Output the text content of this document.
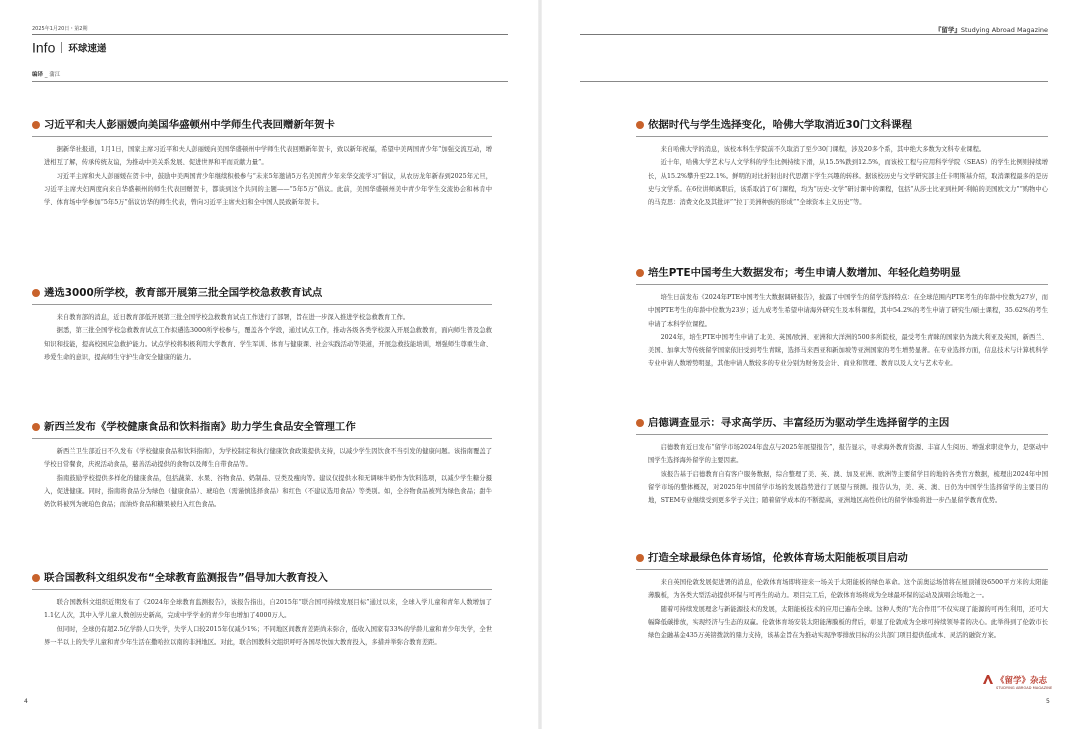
2025年1月20日・第2期
Info 环球速递
编译 _ 蒲江
习近平和夫人彭丽媛向美国华盛顿州中学师生代表回赠新年贺卡

据新华社报道，1月1日，国家主席习近平和夫人彭丽媛向美国华盛顿州中学师生代表回赠新年贺卡，致以新年祝福，希望中美两国青少年“加强交流互动，增进相互了解，传承传统友谊，为推动中美关系发展、促进世界和平而贡献力量”。

习近平主席和夫人彭丽媛在贺卡中，鼓励中美两国青少年继续积极参与“未来5年邀请5万名美国青少年来华交流学习”倡议，从农历龙年新春到2025年元旦，习近平主席夫妇两度向来自华盛顿州的师生代表回赠贺卡，都谈到这个共同的主题——“5年5万”倡议。此前，美国华盛顿州美中青少年学生交流协会和林肯中学、体育场中学参加“5年5万”倡议访华的师生代表，曾向习近平主席夫妇和全中国人民致新年贺卡。

遴选3000所学校，教育部开展第三批全国学校急救教育试点

来自教育部的消息，近日教育部低开展第三批全国学校急救教育试点工作进行了部署，旨在进一步深入推进学校急救教育工作。

据悉，第三批全国学校急救教育试点工作拟遴选3000所学校参与，覆盖各个学段，通过试点工作，推动各级各类学校深入开展急救教育，面向师生普及急救知识和技能，提高校园应急救护能力。试点学校将积极利用大学教育、学生军训、体育与健康课、社会实践活动等渠道，开展急救技能培训，增强师生尊重生命、珍爱生命的意识，提高师生守护生命安全健康的能力。

新西兰发布《学校健康食品和饮料指南》助力学生食品安全管理工作

新西兰卫生部近日不久发布《学校健康食品和饮料指南》，为学校制定和执行健康饮食政策提供支持，以减少学生因饮食不当引发的健康问题。该指南覆盖了学校日常餐食，庆祝活动食品，慈善活动提供的食物以及师生自带食品等。

指南鼓励学校提供多样化的健康食品，包括蔬菜、水果、谷物食品、奶制品、豆类及瘦肉等。建议仅提供水和无调味牛奶作为饮料选项，以减少学生糖分摄入，促进健康。同时，指南将食品分为绿色（健康食品）、琥珀色（需谨慎选择食品）和红色（不建议选用食品）等类别。如，全谷物食品被列为绿色食品；甜牛奶饮料被列为琥珀色食品；而油炸食品和糖果被归入红色食品。

联合国教科文组织发布“全球教育监测报告”倡导加大教育投入

联合国教科文组织近期发布了《2024年全球教育监测报告》，该报告指出，自2015年“联合国可持续发展目标”通过以来，全球入学儿童和青年人数增加了1.1亿人次，其中入学儿童人数创历史新高，完成中学学业的青少年也增加了4000万人。

但同时，全球仍有超2.5亿学龄人口失学，失学人口较2015年仅减少1%；不同地区间教育差距尚未弥合，低收入国家有33%的学龄儿童和青少年失学，全世界一半以上的失学儿童和青少年生活在撒哈拉以南的非洲地区。对此，联合国教科文组织呼吁各国尽快加大教育投入，多措并举弥合教育差距。

4
『留学』Studying Abroad Magazine
依据时代与学生选择变化，哈佛大学取消近30门文科课程

来自哈佛大学的消息，该校本科生学院前不久取消了至少30门课程，涉及20多个系，其中绝大多数为文科专业课程。

近十年，哈佛大学艺术与人文学科的学生比例持续下滑，从15.5%跌到12.5%，而该校工程与应用科学学院（SEAS）的学生比例则持续增长，从15.2%攀升至22.1%。鲜明的对比折射出时代思潮下学生兴趣的转移。据该校历史与文学研究部主任卡明斯基介绍，取消课程最多的是历史与文学系。在6位讲师离职后，该系取消了6门课程，均为“历史-文学”研讨课中的课程，包括“从莎士比亚到杜阿·利帕的美国欧文力”“购物中心的马克思：消费文化及其批评”“拉丁美洲种族的形成”“全球资本主义历史”等。

培生PTE中国考生大数据发布；考生申请人数增加、年轻化趋势明显

培生日前发布《2024年PTE中国考生大数据调研报告》，披露了中国学生的留学选择特点：在全球范围内PTE考生的年龄中位数为27岁，而中国PTE考生的年龄中位数为23岁；近九成考生希望申请海外研究生及本科课程，其中54.2%的考生申请了研究生/硕士课程，35.62%的考生申请了本科学位课程。

2024年，培生PTE中国考生申请了北美、英国/欧洲、亚洲和大洋洲的500多所院校，最受考生青睐的国家仍为澳大利亚及英国，新西兰、美国、加拿大等传统留学国家依旧受到考生青睐，选择马来西亚和新加坡等亚洲国家的考生增势显著。在专业选择方面，信息技术与计算机科学专业申请人数增势明显，其他申请人数较多的专业分别为财务及会计、商业和管理、教育以及人文与艺术专业。

启德调查显示：寻求高学历、丰富经历为驱动学生选择留学的主因

启德教育近日发布“留学市场2024年盘点与2025年展望报告”，报告显示，寻求海外教育资源、丰富人生阅历、增强求职竞争力，是驱动中国学生选择海外留学的主要因素。

该报告基于启德教育自有客户服务数据，综合整理了美、英、澳、加及亚洲、欧洲等主要留学目的地的各类官方数据，梳理出2024年中国留学市场的整体概况，对2025年中国留学市场的发展趋势进行了展望与预测。报告认为，美、英、澳、日仍为中国学生选择留学的主要目的地，STEM专业继续受到更多学子关注；随着留学成本的不断提高，亚洲地区高性价比的留学体验将进一步凸显留学教育优势。

打造全球最绿色体育场馆，伦敦体育场太阳能板项目启动

来自英国伦敦发展促进署的消息，伦敦体育场即将迎来一场关于太阳能板的绿色革命。这个前奥运场馆将在屋顶铺设6500平方米的太阳能薄膜板，为各类大型活动提供环保与可再生的动力。项目完工后，伦敦体育场将成为全球最环保的运动及演唱会场地之一。

随着可持续发展理念与新能源技术的发展，太阳能板技术的应用已遍布全球。这种人类的“光合作用”不仅实现了能源的可再生利用，还可大幅降低碳排放，实现经济与生态的双赢。伦敦体育场安装太阳能薄膜板的背后，彰显了伦敦成为全球可持续领导者的决心。此举得到了伦敦市长绿色金融基金435万英镑拨款的鼎力支持，该基金旨在为推动实现净零排放目标的公共部门项目提供低成本、灵活的融资方案。

《留学》杂志
STUDYING ABROAD MAGAZINE
5
